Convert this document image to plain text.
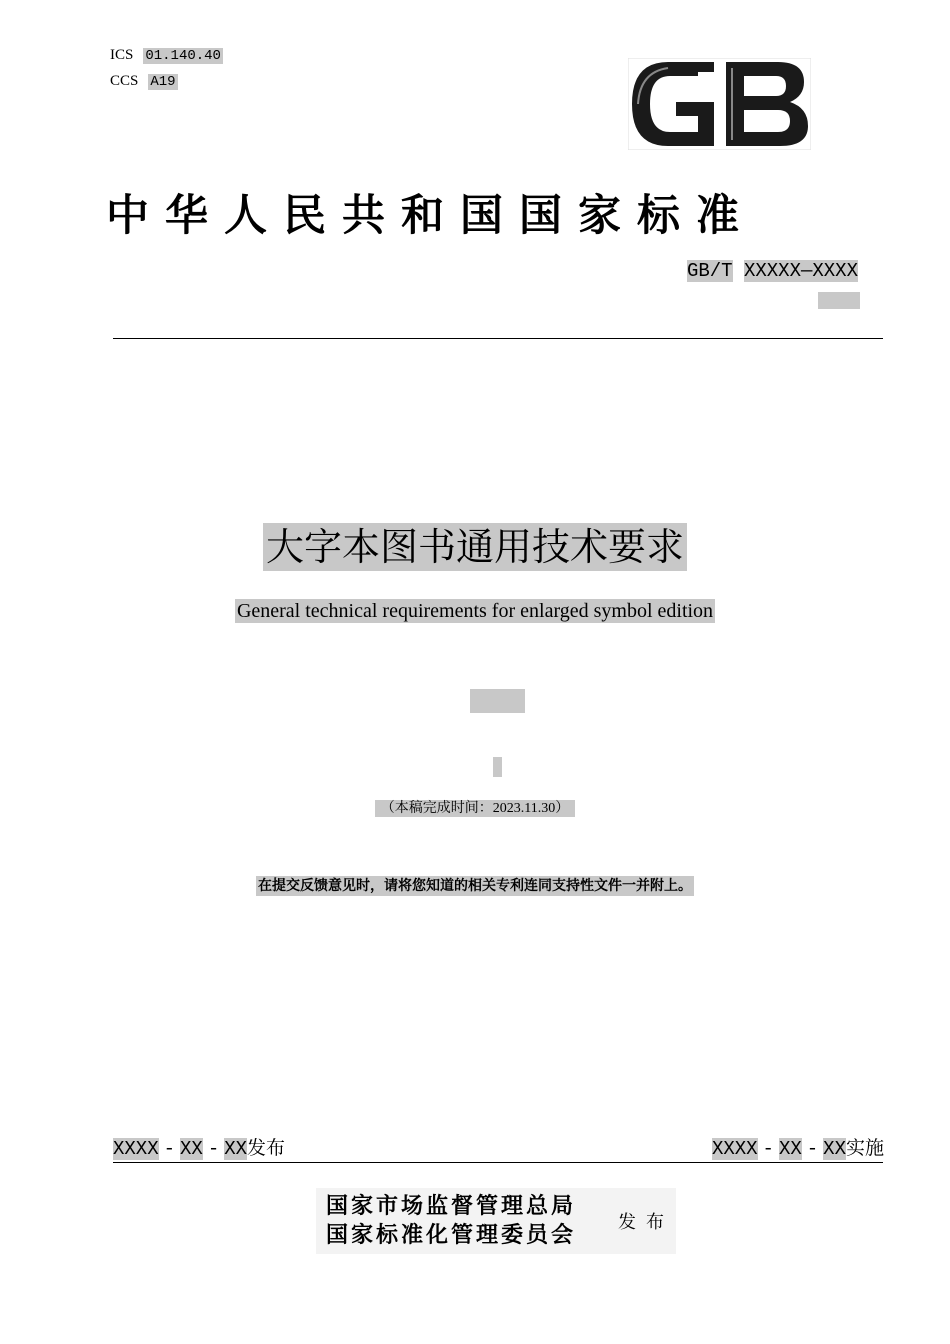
ICS 01.140.40
CCS A19
中华人民共和国国家标准
GB/T XXXXX—XXXX
大字本图书通用技术要求
General technical requirements for enlarged symbol edition
（本稿完成时间：2023.11.30）
在提交反馈意见时，请将您知道的相关专利连同支持性文件一并附上。
XXXX - XX - XX发布	XXXX - XX - XX实施
国家市场监督管理总局
国家标准化管理委员会 发布
